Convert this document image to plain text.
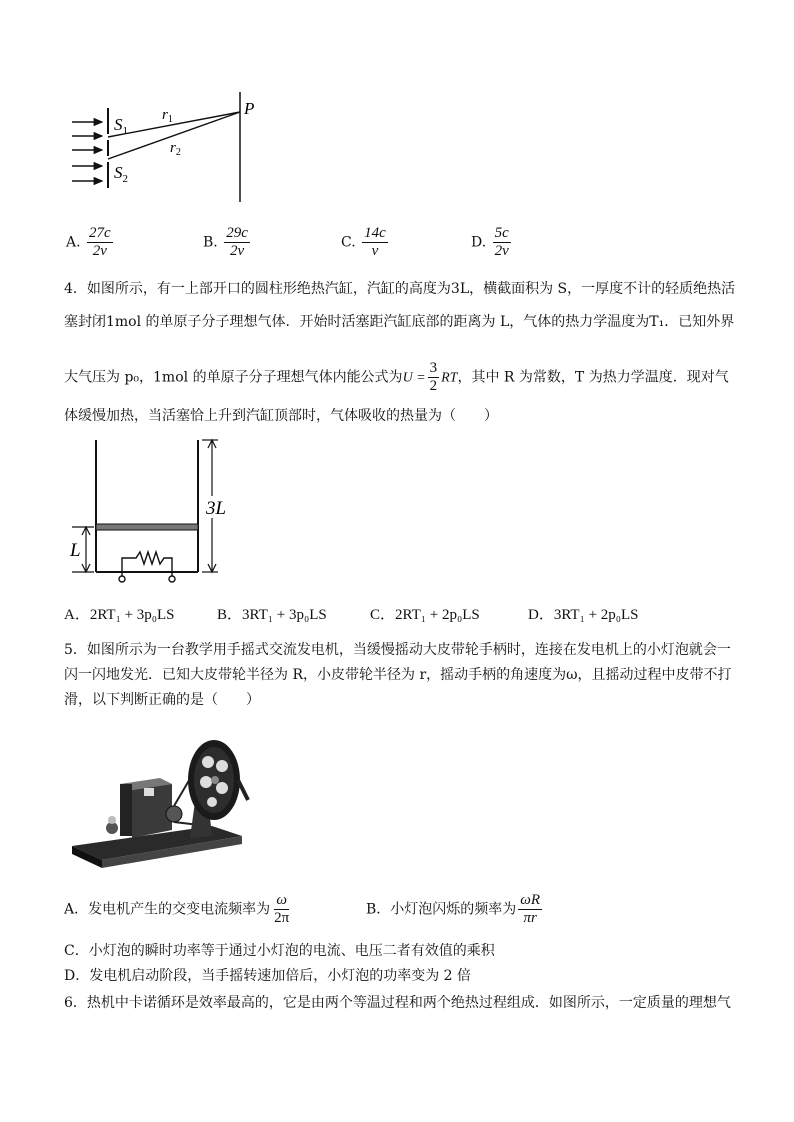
$S_1$
$S_2$
$r_1$
$r_2$
P
A. $\frac{27c}{2v}$	B. $\frac{29c}{2v}$	C. $\frac{14c}{v}$	D. $\frac{5c}{2v}$
4．如图所示，有一上部开口的圆柱形绝热汽缸，汽缸的高度为3L，横截面积为 S，一厚度不计的轻质绝热活
塞封闭1mol 的单原子分子理想气体．开始时活塞距汽缸底部的距离为 L，气体的热力学温度为T₁．已知外界
大气压为 p₀，1mol 的单原子分子理想气体内能公式为$U = \frac{3}{2}$ RT，其中 R 为常数，T 为热力学温度．现对气
体缓慢加热，当活塞恰上升到汽缸顶部时，气体吸收的热量为（　　）
3L
L
A．2RT₁ + 3p₀LS	B．3RT₁ + 3p₀LS	C．2RT₁ + 2p₀LS	D．3RT₁ + 2p₀LS
5．如图所示为一台教学用手摇式交流发电机，当缓慢摇动大皮带轮手柄时，连接在发电机上的小灯泡就会一
闪一闪地发光．已知大皮带轮半径为 R，小皮带轮半径为 r，摇动手柄的角速度为ω，且摇动过程中皮带不打
滑，以下判断正确的是（　　）
A．发电机产生的交变电流频率为 $\frac{\omega}{2\pi}$	B．小灯泡闪烁的频率为 $\frac{\omega R}{\pi r}$
C．小灯泡的瞬时功率等于通过小灯泡的电流、电压二者有效值的乘积
D．发电机启动阶段，当手摇转速加倍后，小灯泡的功率变为 2 倍
6．热机中卡诺循环是效率最高的，它是由两个等温过程和两个绝热过程组成．如图所示，一定质量的理想气
